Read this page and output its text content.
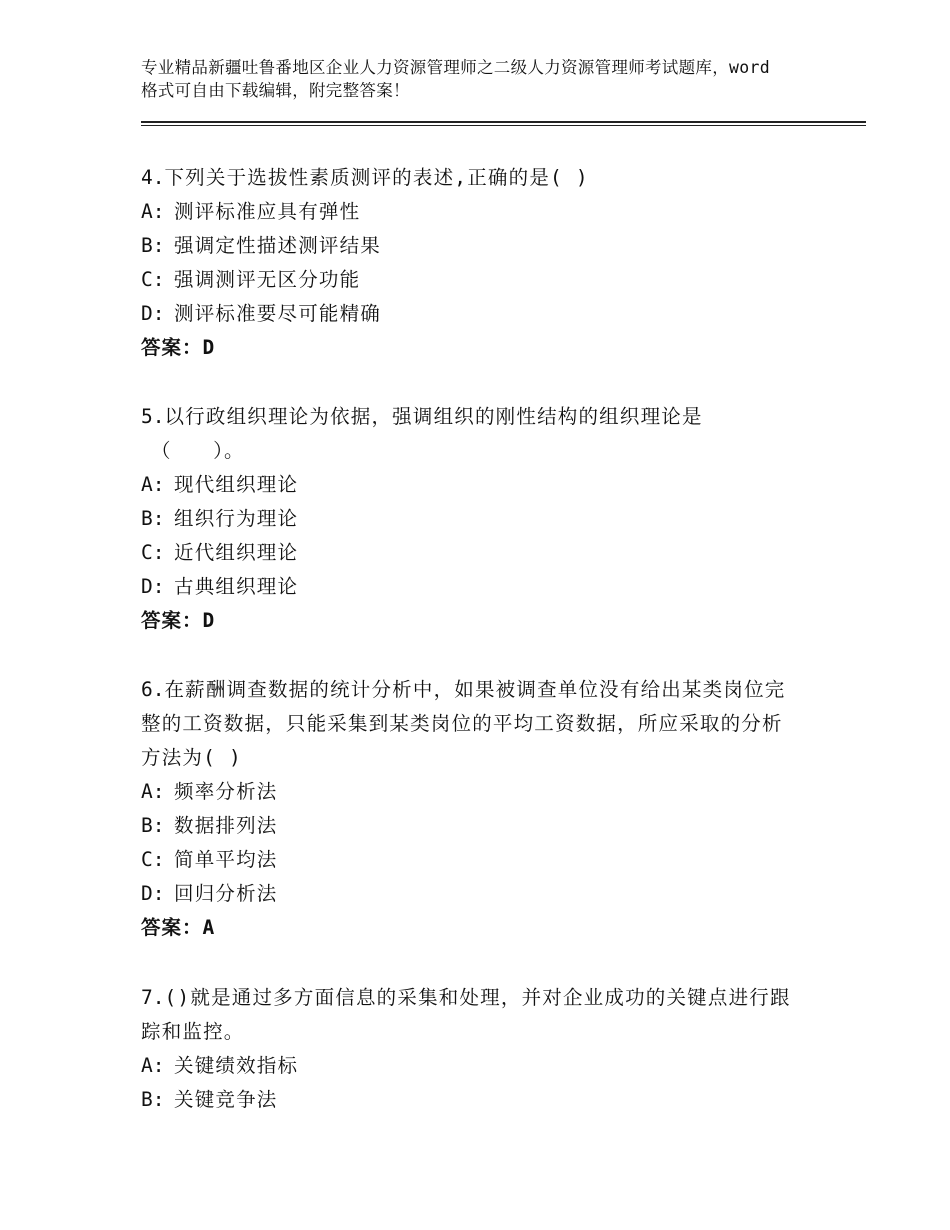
专业精品新疆吐鲁番地区企业人力资源管理师之二级人力资源管理师考试题库，word格式可自由下载编辑，附完整答案！

4.下列关于选拔性素质测评的表述,正确的是( )

A: 测评标准应具有弹性
B: 强调定性描述测评结果
C: 强调测评无区分功能
D: 测评标准要尽可能精确
答案：D

5.以行政组织理论为依据，强调组织的刚性结构的组织理论是

（　　）。

A: 现代组织理论
B: 组织行为理论
C: 近代组织理论
D: 古典组织理论
答案：D

6.在薪酬调查数据的统计分析中，如果被调查单位没有给出某类岗位完整的工资数据，只能采集到某类岗位的平均工资数据，所应采取的分析方法为( )

A: 频率分析法
B: 数据排列法
C: 简单平均法
D: 回归分析法
答案：A

7.()就是通过多方面信息的采集和处理，并对企业成功的关键点进行跟踪和监控。

A: 关键绩效指标
B: 关键竞争法
